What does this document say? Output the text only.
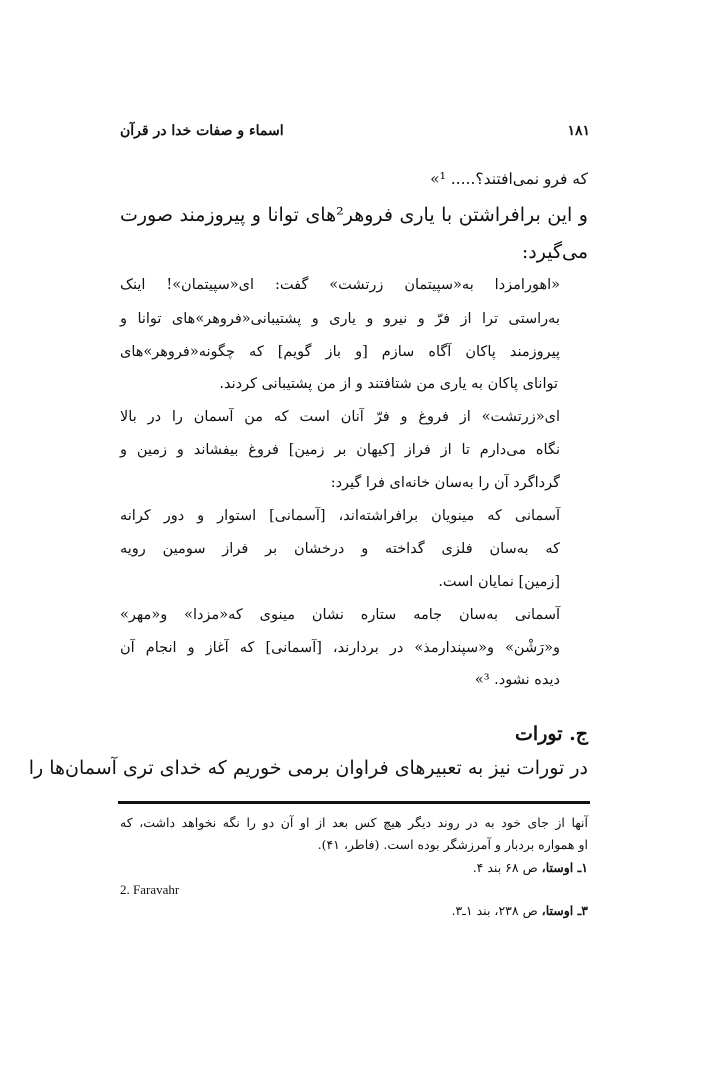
اسماء و صفات خدا در قرآن	۱۸۱
که فرو نمی‌افتند؟..... ¹»
و این برافراشتن با یاری فروهر²های توانا و پیروزمند صورت
می‌گیرد:
«اهورامزدا به«سپیتمان زرتشت» گفت: ای«سپیتمان»! اینک
به‌راستی ترا از فرّ و نیرو و یاری و پشتیبانی«فروهر»های توانا و
پیروزمند پاکان آگاه سازم [و باز گویم] که چگونه«فروهر»های
توانای پاکان به یاری من شتافتند و از من پشتیبانی کردند.
ای«زرتشت» از فروغ و فرّ آنان است که من آسمان را در بالا
نگاه می‌دارم تا از فراز [کیهان بر زمین] فروغ بیفشاند و زمین و
گرداگرد آن را به‌سان خانه‌ای فرا گیرد:
آسمانی که مینویان برافراشته‌اند، [آسمانی] استوار و دور کرانه
که به‌سان فلزی گداخته و درخشان بر فراز سومین رویه
[زمین] نمایان است.
آسمانی به‌سان جامه ستاره نشان مینوی که«مزدا» و«مهر»
و«رَشْن» و«سپندارمذ» در بردارند، [آسمانی] که آغاز و انجام آن
دیده نشود. ³»
ج. تورات
در تورات نیز به تعبیرهای فراوان برمی خوریم که خدای تری آسمان‌ها را
آنها از جای خود به در روند دیگر هیچ کس بعد از او آن دو را نگه نخواهد داشت، که
او همواره بردبار و آمرزشگر بوده است. (فاطر، ۴۱).
۱ـ اوستا، ص ۶۸ بند ۴.
2. Faravahr
۳ـ اوستا، ص ۲۳۸، بند ۱ـ۳.
